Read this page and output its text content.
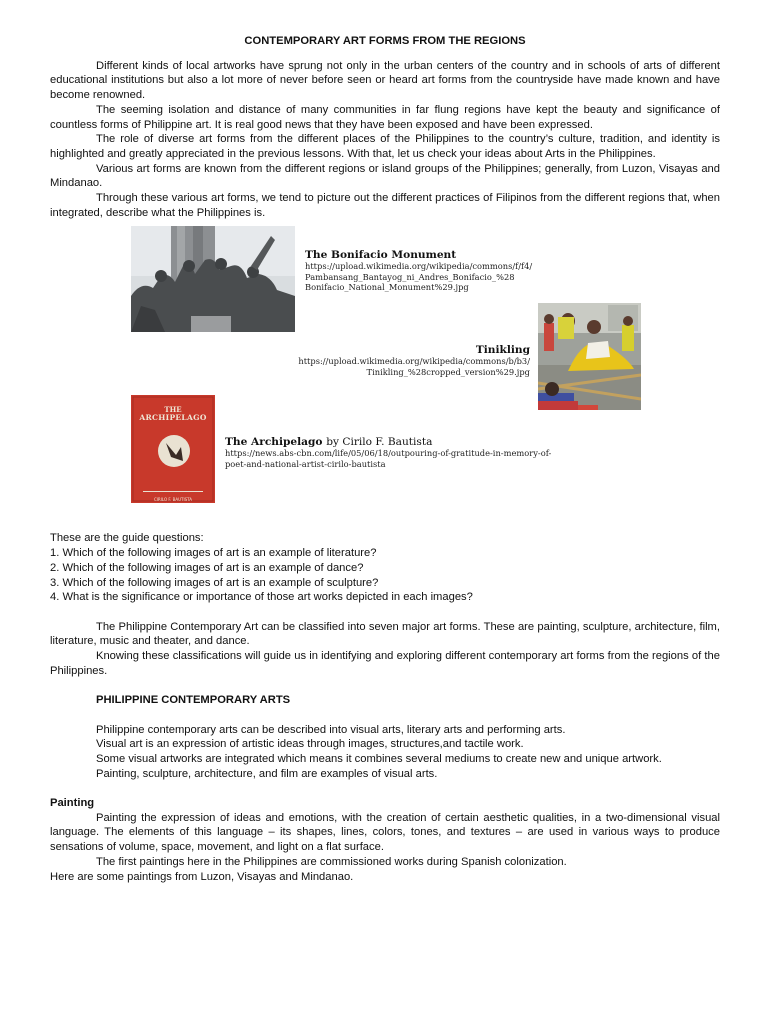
CONTEMPORARY ART FORMS FROM THE REGIONS

Different kinds of local artworks have sprung not only in the urban centers of the country and in schools of arts of different educational institutions but also a lot more of never before seen or heard art forms from the countryside have made known and have become renowned.

The seeming isolation and distance of many communities in far flung regions have kept the beauty and significance of countless forms of Philippine art. It is real good news that they have been exposed and have been expressed.

The role of diverse art forms from the different places of the Philippines to the country’s culture, tradition, and identity is highlighted and greatly appreciated in the previous lessons. With that, let us check your ideas about Arts in the Philippines.

Various art forms are known from the different regions or island groups of the Philippines; generally, from Luzon, Visayas and Mindanao.

Through these various art forms, we tend to picture out the different practices of Filipinos from the different regions that, when integrated, describe what the Philippines is.

The Bonifacio Monument
https://upload.wikimedia.org/wikipedia/commons/f/f4/
Pambansang_Bantayog_ni_Andres_Bonifacio_%28
Bonifacio_National_Monument%29.jpg
Tinikling
https://upload.wikimedia.org/wikipedia/commons/b/b3/
Tinikling_%28cropped_version%29.jpg
THE
ARCHIPELAGO
CIRILO F. BAUTISTA
The Archipelago by Cirilo F. Bautista
https://news.abs-cbn.com/life/05/06/18/outpouring-of-gratitude-in-memory-of-
poet-and-national-artist-cirilo-bautista
These are the guide questions:
1. Which of the following images of art is an example of literature?
2. Which of the following images of art is an example of dance?
3. Which of the following images of art is an example of sculpture?
4. What is the significance or importance of those art works depicted in each images?

The Philippine Contemporary Art can be classified into seven major art forms. These are painting, sculpture, architecture, film, literature, music and theater, and dance.

Knowing these classifications will guide us in identifying and exploring different contemporary art forms from the regions of the Philippines.

PHILIPPINE CONTEMPORARY ARTS

Philippine contemporary arts can be described into visual arts, literary arts and performing arts.

Visual art is an expression of artistic ideas through images, structures,and tactile work.

Some visual artworks are integrated which means it combines several mediums to create new and unique artwork.

Painting, sculpture, architecture, and film are examples of visual arts.

Painting

Painting the expression of ideas and emotions, with the creation of certain aesthetic qualities, in a two-dimensional visual language. The elements of this language – its shapes, lines, colors, tones, and textures – are used in various ways to produce sensations of volume, space, movement, and light on a flat surface.

The first paintings here in the Philippines are commissioned works during Spanish colonization.

Here are some paintings from Luzon, Visayas and Mindanao.
